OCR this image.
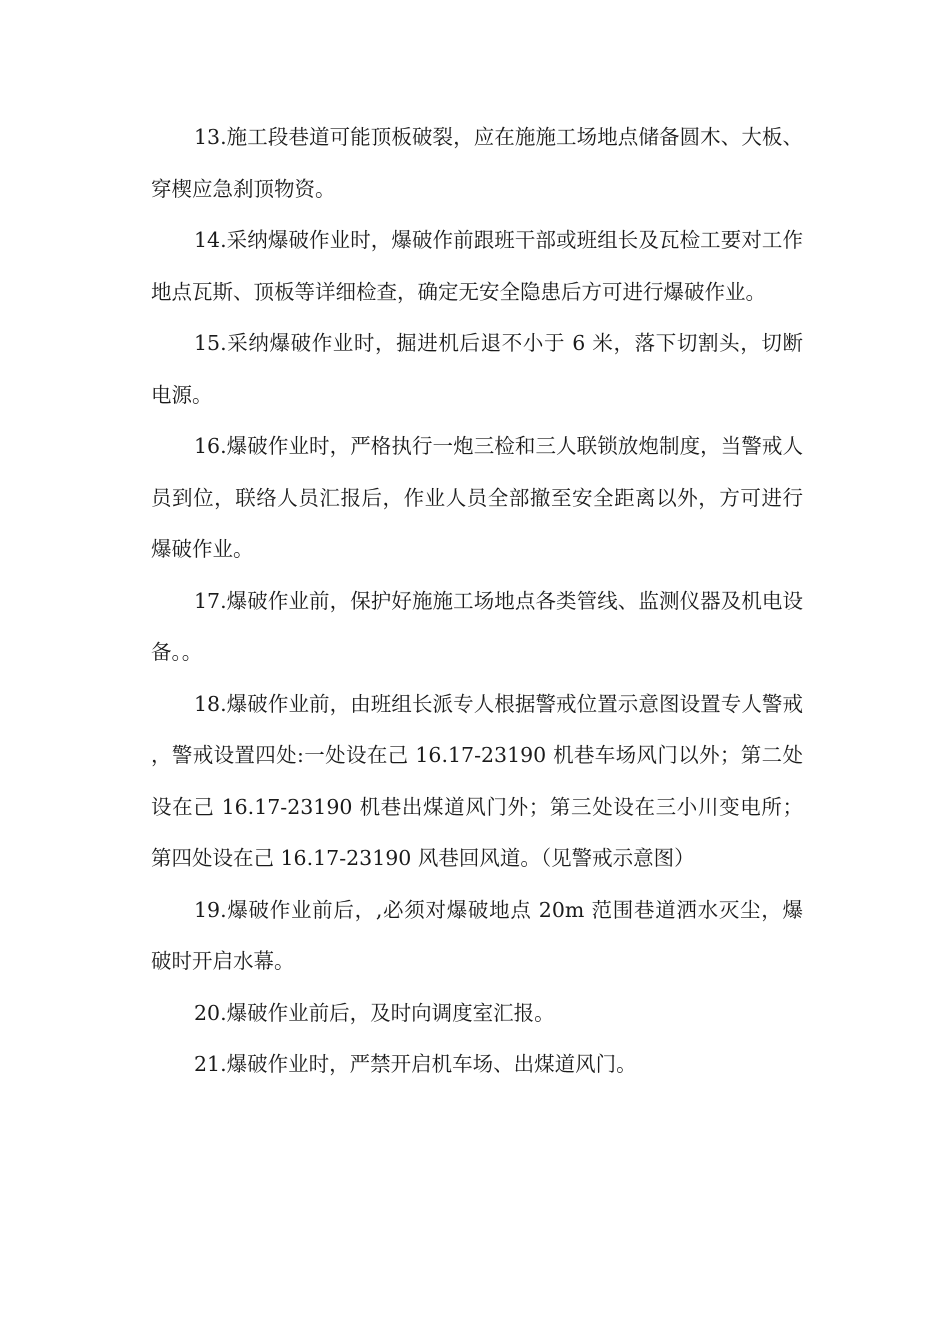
13.施工段巷道可能顶板破裂，应在施施工场地点储备圆木、大板、穿楔应急刹顶物资。

14.采纳爆破作业时，爆破作前跟班干部或班组长及瓦检工要对工作地点瓦斯、顶板等详细检查，确定无安全隐患后方可进行爆破作业。

15.采纳爆破作业时，掘进机后退不小于 6 米，落下切割头，切断电源。

16.爆破作业时，严格执行一炮三检和三人联锁放炮制度，当警戒人员到位，联络人员汇报后，作业人员全部撤至安全距离以外，方可进行爆破作业。

17.爆破作业前，保护好施施工场地点各类管线、监测仪器及机电设备。。

18.爆破作业前，由班组长派专人根据警戒位置示意图设置专人警戒，警戒设置四处:一处设在己 16.17-23190 机巷车场风门以外；第二处设在己 16.17-23190 机巷出煤道风门外；第三处设在三小川变电所；第四处设在己 16.17-23190 风巷回风道。（见警戒示意图）

19.爆破作业前后，,必须对爆破地点 20m 范围巷道洒水灭尘，爆破时开启水幕。

20.爆破作业前后，及时向调度室汇报。

21.爆破作业时，严禁开启机车场、出煤道风门。
